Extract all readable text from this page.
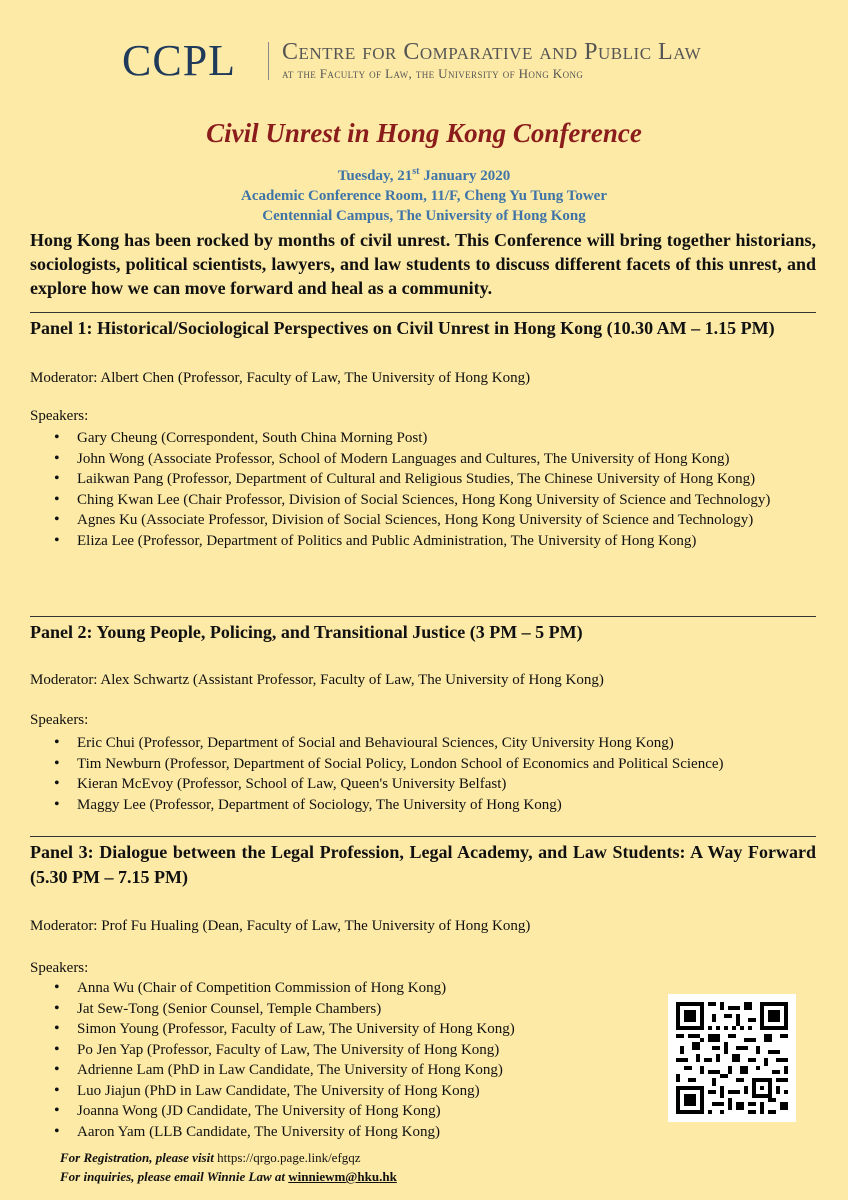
CCPL Centre for Comparative and Public Law
at the Faculty of Law, the University of Hong Kong
Civil Unrest in Hong Kong Conference
Tuesday, 21st January 2020
Academic Conference Room, 11/F, Cheng Yu Tung Tower
Centennial Campus, The University of Hong Kong
Hong Kong has been rocked by months of civil unrest. This Conference will bring together historians, sociologists, political scientists, lawyers, and law students to discuss different facets of this unrest, and explore how we can move forward and heal as a community.
Panel 1: Historical/Sociological Perspectives on Civil Unrest in Hong Kong (10.30 AM – 1.15 PM)
Moderator: Albert Chen (Professor, Faculty of Law, The University of Hong Kong)
Speakers:
• Gary Cheung (Correspondent, South China Morning Post)
• John Wong (Associate Professor, School of Modern Languages and Cultures, The University of Hong Kong)
• Laikwan Pang (Professor, Department of Cultural and Religious Studies, The Chinese University of Hong Kong)
• Ching Kwan Lee (Chair Professor, Division of Social Sciences, Hong Kong University of Science and Technology)
• Agnes Ku (Associate Professor, Division of Social Sciences, Hong Kong University of Science and Technology)
• Eliza Lee (Professor, Department of Politics and Public Administration, The University of Hong Kong)
Panel 2: Young People, Policing, and Transitional Justice (3 PM – 5 PM)
Moderator: Alex Schwartz (Assistant Professor, Faculty of Law, The University of Hong Kong)
Speakers:
• Eric Chui (Professor, Department of Social and Behavioural Sciences, City University Hong Kong)
• Tim Newburn (Professor, Department of Social Policy, London School of Economics and Political Science)
• Kieran McEvoy (Professor, School of Law, Queen's University Belfast)
• Maggy Lee (Professor, Department of Sociology, The University of Hong Kong)
Panel 3: Dialogue between the Legal Profession, Legal Academy, and Law Students: A Way Forward (5.30 PM – 7.15 PM)
Moderator: Prof Fu Hualing (Dean, Faculty of Law, The University of Hong Kong)
Speakers:
• Anna Wu (Chair of Competition Commission of Hong Kong)
• Jat Sew-Tong (Senior Counsel, Temple Chambers)
• Simon Young (Professor, Faculty of Law, The University of Hong Kong)
• Po Jen Yap (Professor, Faculty of Law, The University of Hong Kong)
• Adrienne Lam (PhD in Law Candidate, The University of Hong Kong)
• Luo Jiajun (PhD in Law Candidate, The University of Hong Kong)
• Joanna Wong (JD Candidate, The University of Hong Kong)
• Aaron Yam (LLB Candidate, The University of Hong Kong)
For Registration, please visit https://qrgo.page.link/efgqz
For inquiries, please email Winnie Law at winniewm@hku.hk
